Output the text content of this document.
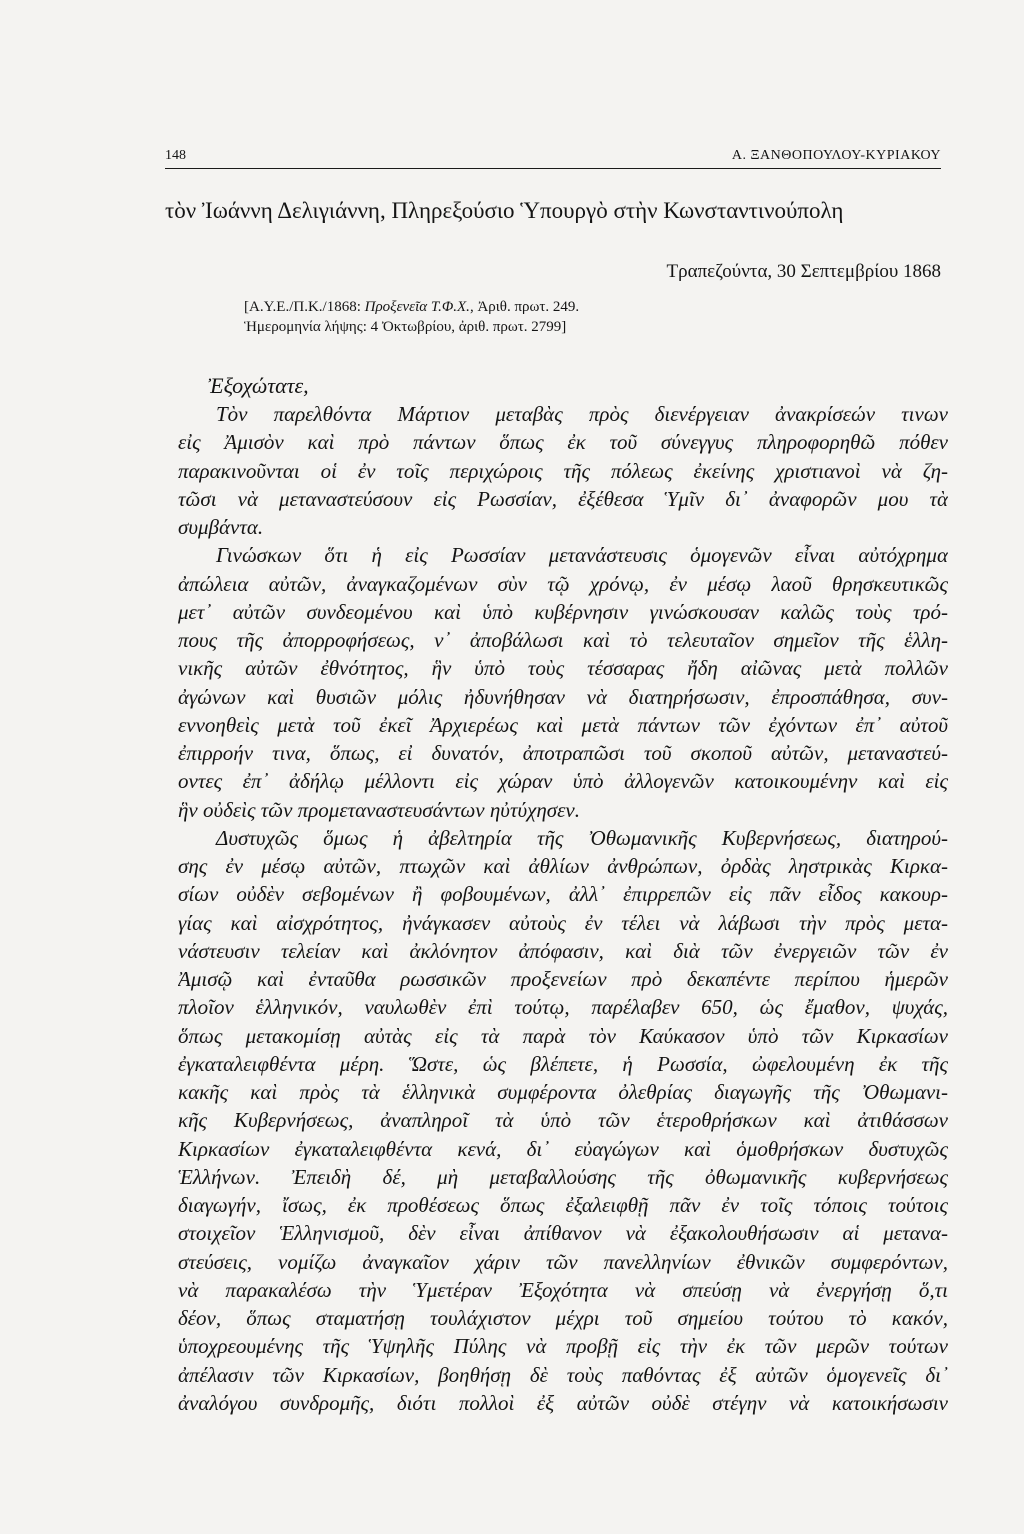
148	Α. ΞΑΝΘΟΠΟΥΛΟΥ-ΚΥΡΙΑΚΟΥ
τὸν Ἰωάννη Δελιγιάννη, Πληρεξούσιο Ὑπουργὸ στὴν Κωνσταντινούπολη
Τραπεζούντα, 30 Σεπτεμβρίου 1868
[Α.Υ.Ε./Π.Κ./1868: Προξενεῖα Τ.Φ.Χ., Ἀριθ. πρωτ. 249.
Ἡμερομηνία λήψης: 4 Ὀκτωβρίου, ἀριθ. πρωτ. 2799]
Ἐξοχώτατε,
Τὸν παρελθόντα Μάρτιον μεταβὰς πρὸς διενέργειαν ἀνακρίσεών τινων
εἰς Ἀμισὸν καὶ πρὸ πάντων ὅπως ἐκ τοῦ σύνεγγυς πληροφορηθῶ πόθεν
παρακινοῦνται οἱ ἐν τοῖς περιχώροις τῆς πόλεως ἐκείνης χριστιανοὶ νὰ ζη-
τῶσι νὰ μεταναστεύσουν εἰς Ρωσσίαν, ἐξέθεσα Ὑμῖν δι᾽ ἀναφορῶν μου τὰ
συμβάντα.
Γινώσκων ὅτι ἡ εἰς Ρωσσίαν μετανάστευσις ὁμογενῶν εἶναι αὐτόχρημα
ἀπώλεια αὐτῶν, ἀναγκαζομένων σὺν τῷ χρόνῳ, ἐν μέσῳ λαοῦ θρησκευτικῶς
μετ᾽ αὐτῶν συνδεομένου καὶ ὑπὸ κυβέρνησιν γινώσκουσαν καλῶς τοὺς τρό-
πους τῆς ἀπορροφήσεως, ν᾽ ἀποβάλωσι καὶ τὸ τελευταῖον σημεῖον τῆς ἑλλη-
νικῆς αὐτῶν ἐθνότητος, ἣν ὑπὸ τοὺς τέσσαρας ἤδη αἰῶνας μετὰ πολλῶν
ἀγώνων καὶ θυσιῶν μόλις ἠδυνήθησαν νὰ διατηρήσωσιν, ἐπροσπάθησα, συν-
εννοηθεὶς μετὰ τοῦ ἐκεῖ Ἀρχιερέως καὶ μετὰ πάντων τῶν ἐχόντων ἐπ᾽ αὐτοῦ
ἐπιρροήν τινα, ὅπως, εἰ δυνατόν, ἀποτραπῶσι τοῦ σκοποῦ αὐτῶν, μεταναστεύ-
οντες ἐπ᾽ ἀδήλῳ μέλλοντι εἰς χώραν ὑπὸ ἀλλογενῶν κατοικουμένην καὶ εἰς
ἣν οὐδεὶς τῶν προμεταναστευσάντων ηὐτύχησεν.
Δυστυχῶς ὅμως ἡ ἀβελτηρία τῆς Ὀθωμανικῆς Κυβερνήσεως, διατηρού-
σης ἐν μέσῳ αὐτῶν, πτωχῶν καὶ ἀθλίων ἀνθρώπων, ὀρδὰς ληστρικὰς Κιρκα-
σίων οὐδὲν σεβομένων ἢ φοβουμένων, ἀλλ᾽ ἐπιρρεπῶν εἰς πᾶν εἶδος κακουρ-
γίας καὶ αἰσχρότητος, ἠνάγκασεν αὐτοὺς ἐν τέλει νὰ λάβωσι τὴν πρὸς μετα-
νάστευσιν τελείαν καὶ ἀκλόνητον ἀπόφασιν, καὶ διὰ τῶν ἐνεργειῶν τῶν ἐν
Ἀμισῷ καὶ ἐνταῦθα ρωσσικῶν προξενείων πρὸ δεκαπέντε περίπου ἡμερῶν
πλοῖον ἑλληνικόν, ναυλωθὲν ἐπὶ τούτῳ, παρέλαβεν 650, ὡς ἔμαθον, ψυχάς,
ὅπως μετακομίσῃ αὐτὰς εἰς τὰ παρὰ τὸν Καύκασον ὑπὸ τῶν Κιρκασίων
ἐγκαταλειφθέντα μέρη. Ὥστε, ὡς βλέπετε, ἡ Ρωσσία, ὠφελουμένη ἐκ τῆς
κακῆς καὶ πρὸς τὰ ἑλληνικὰ συμφέροντα ὀλεθρίας διαγωγῆς τῆς Ὀθωμανι-
κῆς Κυβερνήσεως, ἀναπληροῖ τὰ ὑπὸ τῶν ἑτεροθρήσκων καὶ ἀτιθάσσων
Κιρκασίων ἐγκαταλειφθέντα κενά, δι᾽ εὐαγώγων καὶ ὁμοθρήσκων δυστυχῶς
Ἑλλήνων. Ἐπειδὴ δέ, μὴ μεταβαλλούσης τῆς ὀθωμανικῆς κυβερνήσεως
διαγωγήν, ἴσως, ἐκ προθέσεως ὅπως ἐξαλειφθῇ πᾶν ἐν τοῖς τόποις τούτοις
στοιχεῖον Ἑλληνισμοῦ, δὲν εἶναι ἀπίθανον νὰ ἐξακολουθήσωσιν αἱ μετανα-
στεύσεις, νομίζω ἀναγκαῖον χάριν τῶν πανελληνίων ἐθνικῶν συμφερόντων,
νὰ παρακαλέσω τὴν Ὑμετέραν Ἐξοχότητα νὰ σπεύσῃ νὰ ἐνεργήσῃ ὅ,τι
δέον, ὅπως σταματήσῃ τουλάχιστον μέχρι τοῦ σημείου τούτου τὸ κακόν,
ὑποχρεουμένης τῆς Ὑψηλῆς Πύλης νὰ προβῇ εἰς τὴν ἐκ τῶν μερῶν τούτων
ἀπέλασιν τῶν Κιρκασίων, βοηθήσῃ δὲ τοὺς παθόντας ἐξ αὐτῶν ὁμογενεῖς δι᾽
ἀναλόγου συνδρομῆς, διότι πολλοὶ ἐξ αὐτῶν οὐδὲ στέγην νὰ κατοικήσωσιν
